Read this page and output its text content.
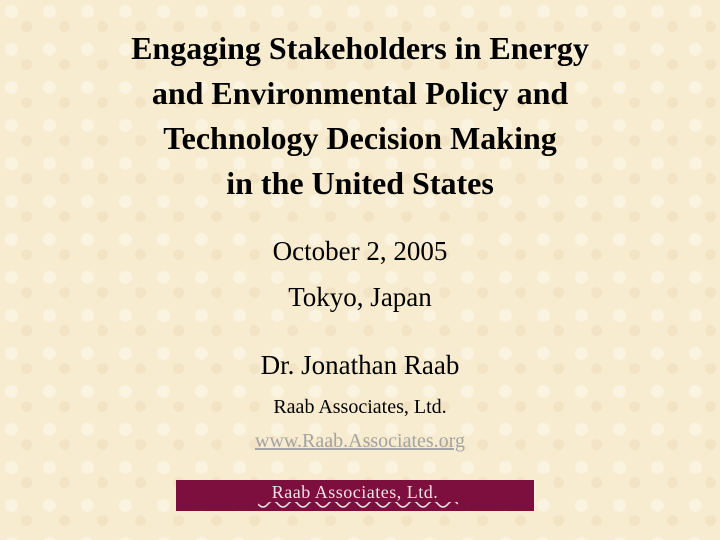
Engaging Stakeholders in Energy
and Environmental Policy and
Technology Decision Making
in the United States
October 2, 2005
Tokyo, Japan
Dr. Jonathan Raab
Raab Associates, Ltd.
www.Raab.Associates.org
Raab Associates, Ltd.
